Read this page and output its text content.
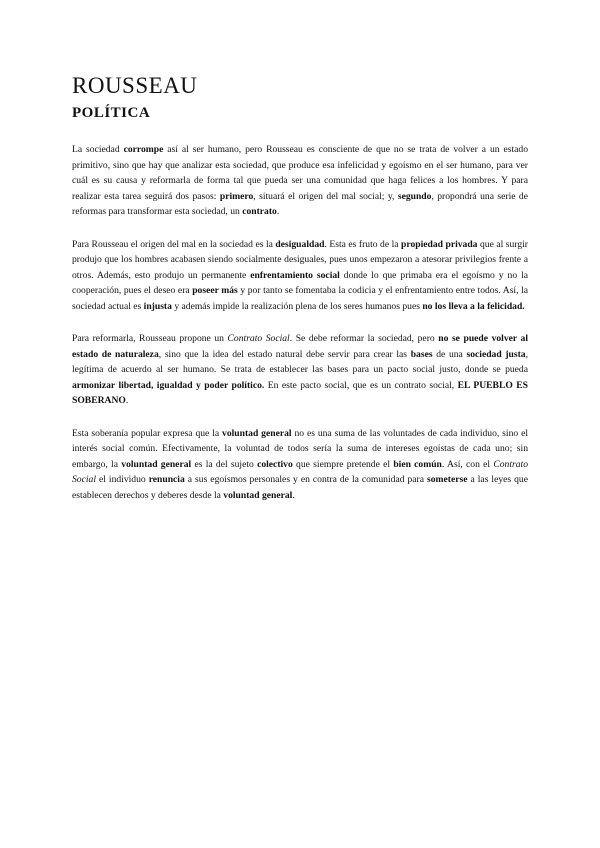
ROUSSEAU
POLÍTICA

La sociedad corrompe así al ser humano, pero Rousseau es consciente de que no se trata de volver a un estado primitivo, sino que hay que analizar esta sociedad, que produce esa infelicidad y egoísmo en el ser humano, para ver cuál es su causa y reformarla de forma tal que pueda ser una comunidad que haga felices a los hombres. Y para realizar esta tarea seguirá dos pasos: primero, situará el origen del mal social; y, segundo, propondrá una serie de reformas para transformar esta sociedad, un contrato.

Para Rousseau el origen del mal en la sociedad es la desigualdad. Esta es fruto de la propiedad privada que al surgir produjo que los hombres acabasen siendo socialmente desiguales, pues unos empezaron a atesorar privilegios frente a otros. Además, esto produjo un permanente enfrentamiento social donde lo que primaba era el egoísmo y no la cooperación, pues el deseo era poseer más y por tanto se fomentaba la codicia y el enfrentamiento entre todos. Así, la sociedad actual es injusta y además impide la realización plena de los seres humanos pues no los lleva a la felicidad.

Para reformarla, Rousseau propone un Contrato Social. Se debe reformar la sociedad, pero no se puede volver al estado de naturaleza, sino que la idea del estado natural debe servir para crear las bases de una sociedad justa, legítima de acuerdo al ser humano. Se trata de establecer las bases para un pacto social justo, donde se pueda armonizar libertad, igualdad y poder político. En este pacto social, que es un contrato social, EL PUEBLO ES SOBERANO.

Esta soberanía popular expresa que la voluntad general no es una suma de las voluntades de cada individuo, sino el interés social común. Efectivamente, la voluntad de todos sería la suma de intereses egoístas de cada uno; sin embargo, la voluntad general es la del sujeto colectivo que siempre pretende el bien común. Así, con el Contrato Social el individuo renuncia a sus egoísmos personales y en contra de la comunidad para someterse a las leyes que establecen derechos y deberes desde la voluntad general.
